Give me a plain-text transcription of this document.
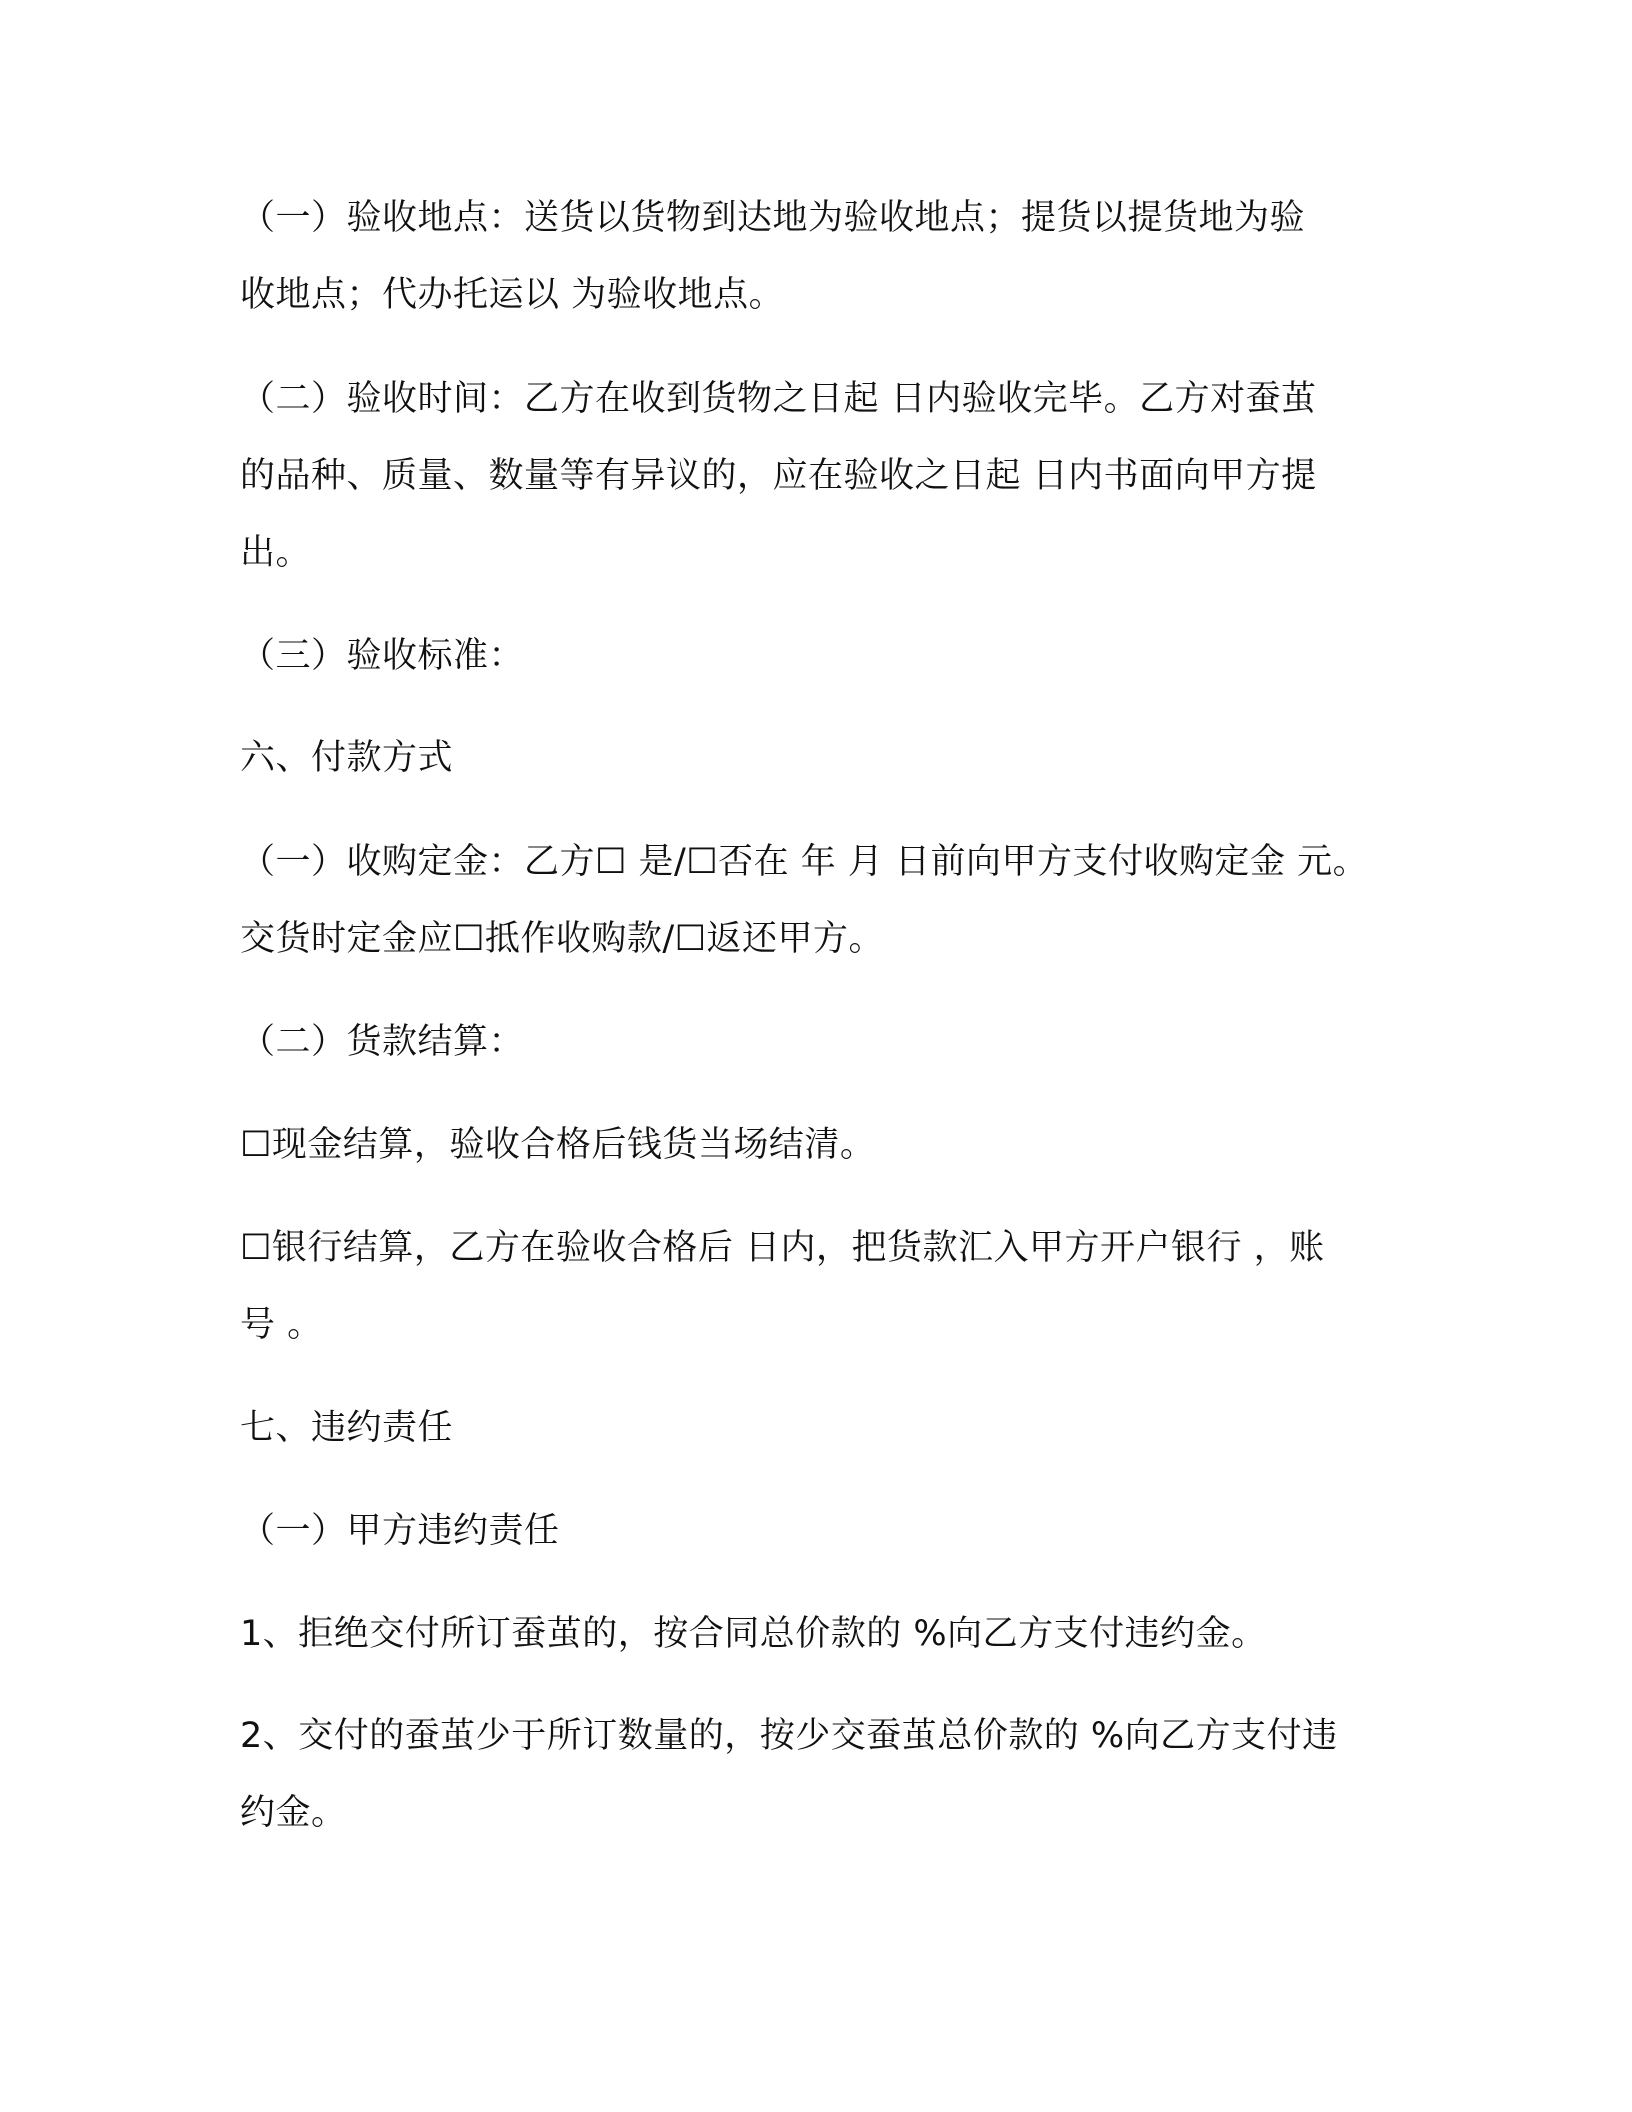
（一）验收地点：送货以货物到达地为验收地点；提货以提货地为验
收地点；代办托运以 为验收地点。
（二）验收时间：乙方在收到货物之日起 日内验收完毕。乙方对蚕茧
的品种、质量、数量等有异议的，应在验收之日起 日内书面向甲方提
出。
（三）验收标准：
六、付款方式
（一）收购定金：乙方☐ 是/☐否在 年 月 日前向甲方支付收购定金 元。
交货时定金应☐抵作收购款/☐返还甲方。
（二）货款结算：
☐现金结算，验收合格后钱货当场结清。
☐银行结算，乙方在验收合格后 日内，把货款汇入甲方开户银行 ，账
号 。
七、违约责任
（一）甲方违约责任
1、拒绝交付所订蚕茧的，按合同总价款的 %向乙方支付违约金。
2、交付的蚕茧少于所订数量的，按少交蚕茧总价款的 %向乙方支付违
约金。
